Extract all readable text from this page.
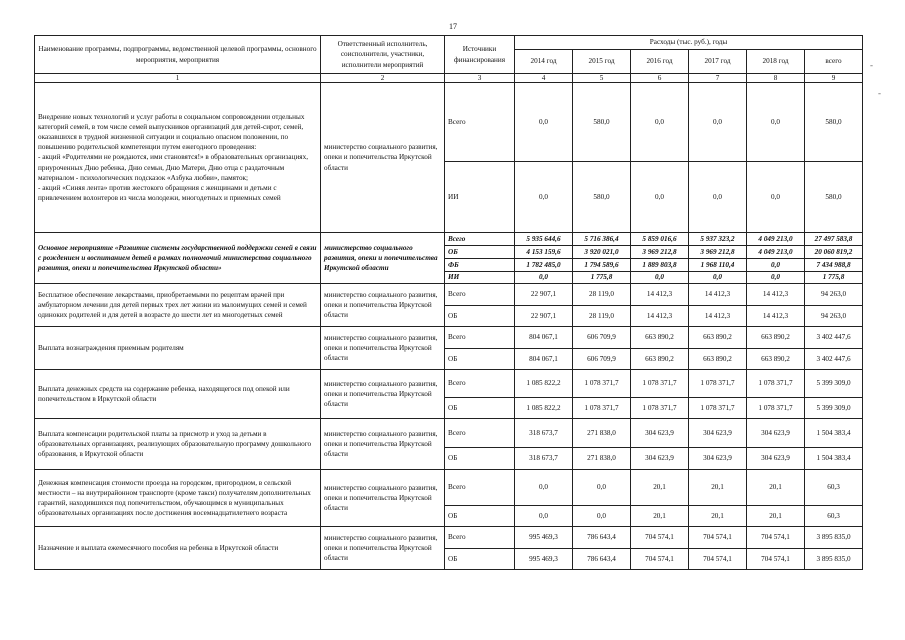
17
Наименование программы, подпрограммы, ведомственной целевой программы, основного мероприятия, мероприятия	Ответственный исполнитель, соисполнители, участники, исполнители мероприятий	Источники финансирования	Расходы (тыс. руб.), годы					
			2014 год	2015 год	2016 год	2017 год	2018 год	всего
1	2	3	4	5	6	7	8	9
Внедрение новых технологий и услуг работы в социальном сопровождении отдельных категорий семей, в том числе семей выпускников организаций для детей-сирот, семей, оказавшихся в трудной жизненной ситуации и социально опасном положении, по повышению родительской компетенции путем ежегодного проведения:
- акций «Родителями не рождаются, ими становятся!» в образовательных организациях, приуроченных Дню ребенка, Дню семьи, Дню Матери, Дню отца с раздаточным материалом - психологических подсказок «Азбука любви», памяток;
- акций «Синяя лента» против жестокого обращения с женщинами и детьми с привлечением волонтеров из числа молодежи, многодетных и приемных семей	министерство социального развития, опеки и попечительства Иркутской области	Всего	0,0	580,0	0,0	0,0	0,0	580,0
		ИИ	0,0	580,0	0,0	0,0	0,0	580,0
Основное мероприятие «Развитие системы государственной поддержки семей в связи с рождением и воспитанием детей в рамках полномочий министерства социального развития, опеки и попечительства Иркутской области»	министерство социального развития, опеки и попечительства Иркутской области	Всего	5 935 644,6	5 716 386,4	5 859 016,6	5 937 323,2	4 049 213,0	27 497 583,8
		ОБ	4 153 159,6	3 920 021,0	3 969 212,8	3 969 212,8	4 049 213,0	20 060 819,2
		ФБ	1 782 485,0	1 794 589,6	1 889 803,8	1 968 110,4	0,0	7 434 988,8
		ИИ	0,0	1 775,8	0,0	0,0	0,0	1 775,8
Бесплатное обеспечение лекарствами, приобретаемыми по рецептам врачей при амбулаторном лечении для детей первых трех лет жизни из малоимущих семей и семей одиноких родителей и для детей в возрасте до шести лет из многодетных семей	министерство социального развития, опеки и попечительства Иркутской области	Всего	22 907,1	28 119,0	14 412,3	14 412,3	14 412,3	94 263,0
		ОБ	22 907,1	28 119,0	14 412,3	14 412,3	14 412,3	94 263,0
Выплата вознаграждения приемным родителям	министерство социального развития, опеки и попечительства Иркутской области	Всего	804 067,1	606 709,9	663 890,2	663 890,2	663 890,2	3 402 447,6
		ОБ	804 067,1	606 709,9	663 890,2	663 890,2	663 890,2	3 402 447,6
Выплата денежных средств на содержание ребенка, находящегося под опекой или попечительством в Иркутской области	министерство социального развития, опеки и попечительства Иркутской области	Всего	1 085 822,2	1 078 371,7	1 078 371,7	1 078 371,7	1 078 371,7	5 399 309,0
		ОБ	1 085 822,2	1 078 371,7	1 078 371,7	1 078 371,7	1 078 371,7	5 399 309,0
Выплата компенсации родительской платы за присмотр и уход за детьми в образовательных организациях, реализующих образовательную программу дошкольного образования, в Иркутской области	министерство социального развития, опеки и попечительства Иркутской области	Всего	318 673,7	271 838,0	304 623,9	304 623,9	304 623,9	1 504 383,4
		ОБ	318 673,7	271 838,0	304 623,9	304 623,9	304 623,9	1 504 383,4
Денежная компенсация стоимости проезда на городском, пригородном, в сельской местности – на внутрирайонном транспорте (кроме такси) получателям дополнительных гарантий, находившихся под попечительством, обучающимся в муниципальных образовательных организациях после достижения восемнадцатилетнего возраста	министерство социального развития, опеки и попечительства Иркутской области	Всего	0,0	0,0	20,1	20,1	20,1	60,3
		ОБ	0,0	0,0	20,1	20,1	20,1	60,3
Назначение и выплата ежемесячного пособия на ребенка в Иркутской области	министерство социального развития, опеки и попечительства Иркутской области	Всего	995 469,3	786 643,4	704 574,1	704 574,1	704 574,1	3 895 835,0
		ОБ	995 469,3	786 643,4	704 574,1	704 574,1	704 574,1	3 895 835,0
-
-
